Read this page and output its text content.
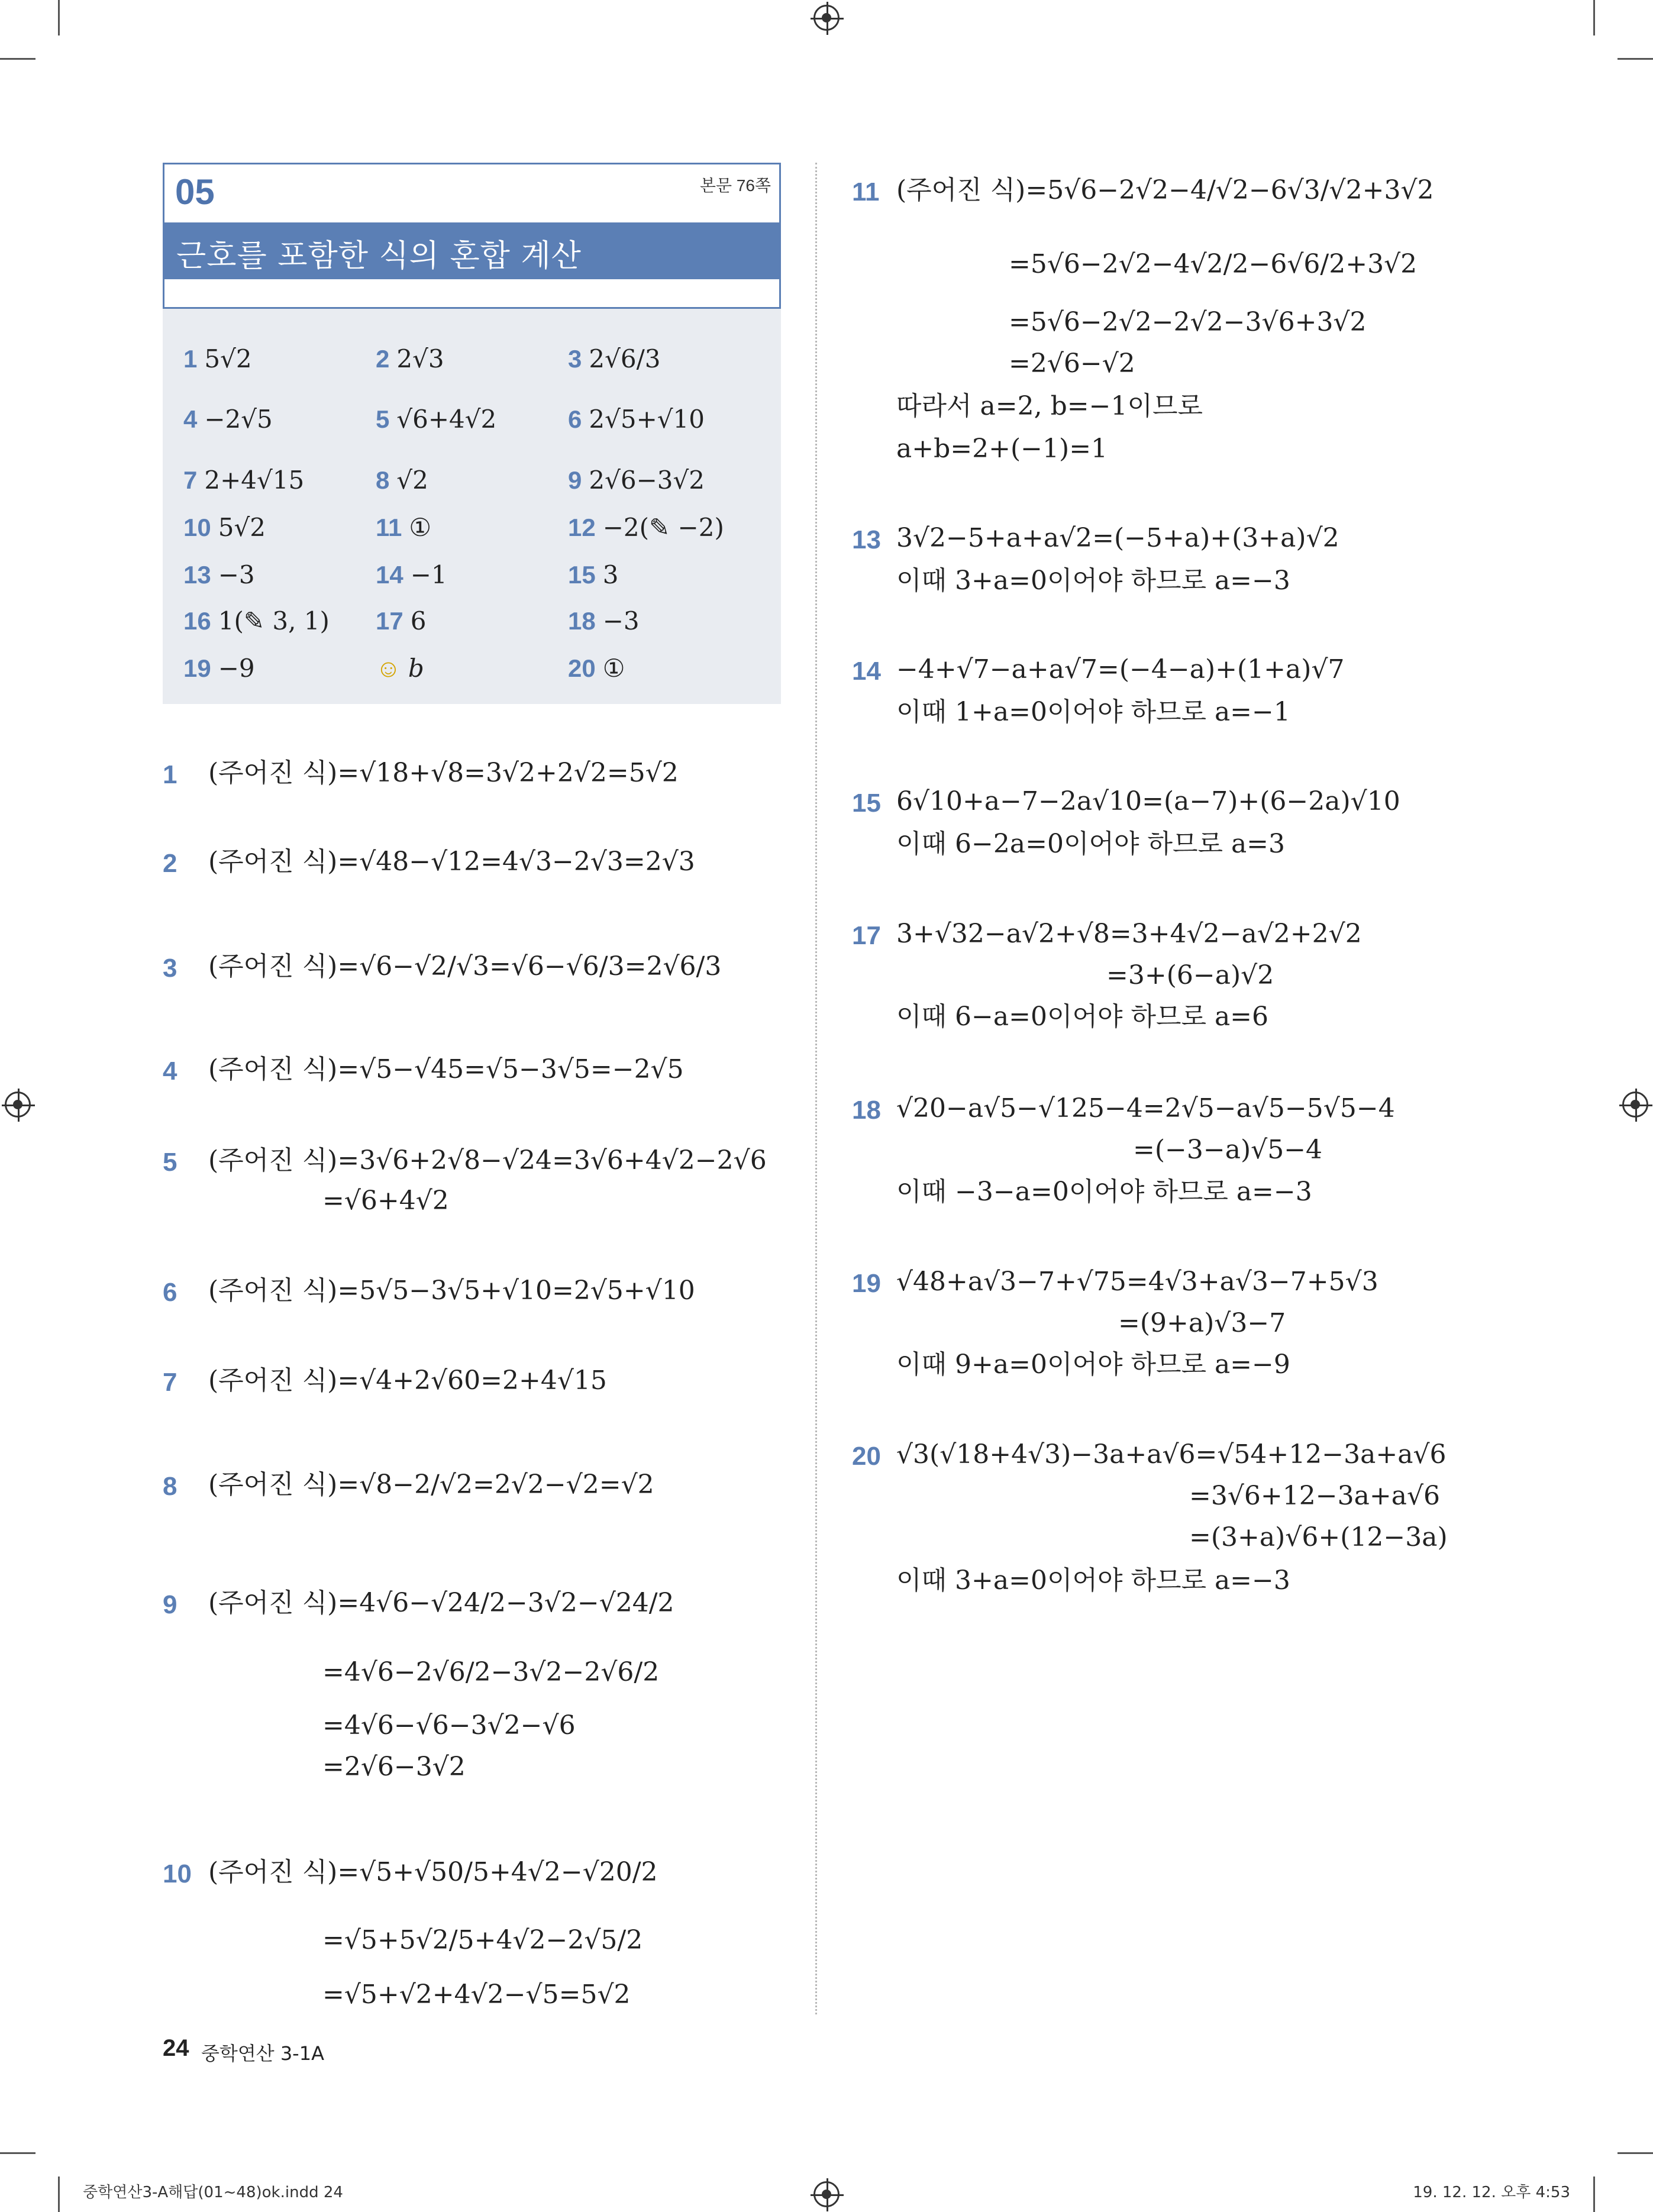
05	본문 76쪽
근호를 포함한 식의 혼합 계산
1 5√2	2 2√3	3 2√6/3
4 −2√5	5 √6+4√2	6 2√5+√10
7 2+4√15	8 √2	9 2√6−3√2
10 5√2	11 ①	12 −2(✎ −2)
13 −3	14 −1	15 3
16 1(✎ 3, 1) 17 6	18 −3
19 −9	☺ b	20 ①
1 (주어진 식)=√18+√8=3√2+2√2=5√2
2 (주어진 식)=√48−√12=4√3−2√3=2√3
3 (주어진 식)=√6−√2/√3=√6−√6/3=2√6/3
4 (주어진 식)=√5−√45=√5−3√5=−2√5
5 (주어진 식)=3√6+2√8−√24=3√6+4√2−2√6
=√6+4√2
6 (주어진 식)=5√5−3√5+√10=2√5+√10
7 (주어진 식)=√4+2√60=2+4√15
8 (주어진 식)=√8−2/√2=2√2−√2=√2
9 (주어진 식)=4√6−√24/2−3√2−√24/2
=4√6−2√6/2−3√2−2√6/2
=4√6−√6−3√2−√6
=2√6−3√2
10 (주어진 식)=√5+√50/5+4√2−√20/2
=√5+5√2/5+4√2−2√5/2
=√5+√2+4√2−√5=5√2
11 (주어진 식)=5√6−2√2−4/√2−6√3/√2+3√2
=5√6−2√2−4√2/2−6√6/2+3√2
=5√6−2√2−2√2−3√6+3√2
=2√6−√2
따라서 a=2, b=−1이므로
a+b=2+(−1)=1
13 3√2−5+a+a√2=(−5+a)+(3+a)√2
이때 3+a=0이어야 하므로 a=−3
14 −4+√7−a+a√7=(−4−a)+(1+a)√7
이때 1+a=0이어야 하므로 a=−1
15 6√10+a−7−2a√10=(a−7)+(6−2a)√10
이때 6−2a=0이어야 하므로 a=3
17 3+√32−a√2+√8=3+4√2−a√2+2√2
=3+(6−a)√2
이때 6−a=0이어야 하므로 a=6
18 √20−a√5−√125−4=2√5−a√5−5√5−4
=(−3−a)√5−4
이때 −3−a=0이어야 하므로 a=−3
19 √48+a√3−7+√75=4√3+a√3−7+5√3
=(9+a)√3−7
이때 9+a=0이어야 하므로 a=−9
20 √3(√18+4√3)−3a+a√6=√54+12−3a+a√6
=3√6+12−3a+a√6
=(3+a)√6+(12−3a)
이때 3+a=0이어야 하므로 a=−3
24 중학연산 3-1A
중학연산3-A해답(01~48)ok.indd 24	19. 12. 12. 오후 4:53
